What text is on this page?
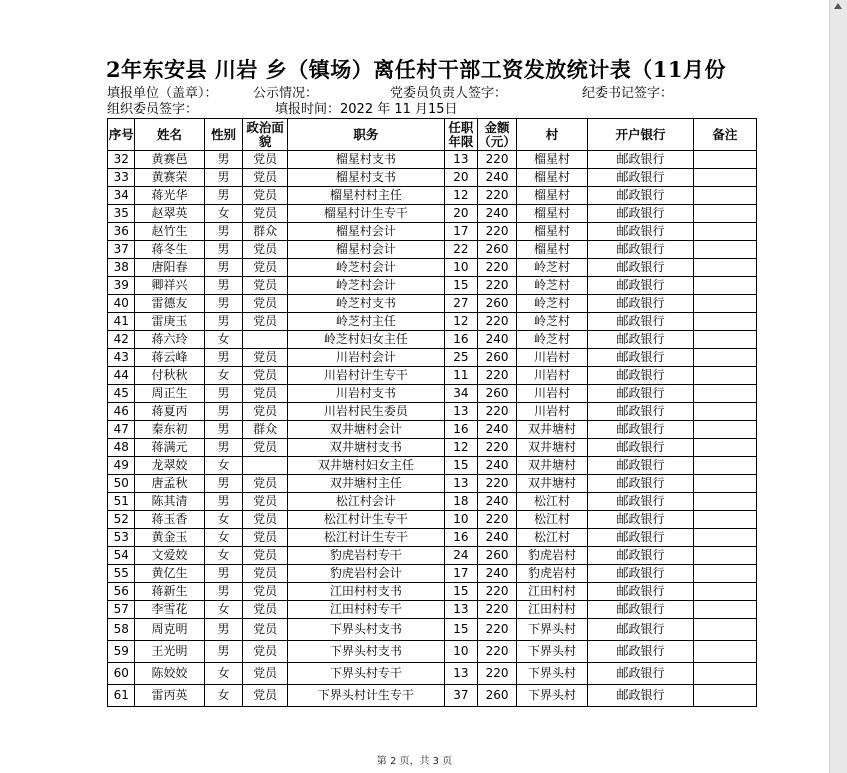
2年东安县 川岩 乡（镇场）离任村干部工资发放统计表（11月份
填报单位（盖章）：	公示情况：	党委员负责人签字：	纪委书记签字：
组织委员签字：	填报时间：2022 年 11 月15日
序号	姓名	性别	政治面貌	职务	任职年限	金额（元）	村	开户银行	备注
32	黄赛邑	男	党员	榴星村支书	13	220	榴星村	邮政银行	
33	黄赛荣	男	党员	榴星村支书	20	240	榴星村	邮政银行	
34	蒋光华	男	党员	榴星村村主任	12	220	榴星村	邮政银行	
35	赵翠英	女	党员	榴星村计生专干	20	240	榴星村	邮政银行	
36	赵竹生	男	群众	榴星村会计	17	220	榴星村	邮政银行	
37	蒋冬生	男	党员	榴星村会计	22	260	榴星村	邮政银行	
38	唐阳春	男	党员	岭芝村会计	10	220	岭芝村	邮政银行	
39	卿祥兴	男	党员	岭芝村会计	15	220	岭芝村	邮政银行	
40	雷德友	男	党员	岭芝村支书	27	260	岭芝村	邮政银行	
41	雷庚玉	男	党员	岭芝村主任	12	220	岭芝村	邮政银行	
42	蒋六玲	女		岭芝村妇女主任	16	240	岭芝村	邮政银行	
43	蒋云峰	男	党员	川岩村会计	25	260	川岩村	邮政银行	
44	付秋秋	女	党员	川岩村计生专干	11	220	川岩村	邮政银行	
45	周正生	男	党员	川岩村支书	34	260	川岩村	邮政银行	
46	蒋夏丙	男	党员	川岩村民生委员	13	220	川岩村	邮政银行	
47	秦东初	男	群众	双井塘村会计	16	240	双井塘村	邮政银行	
48	蒋满元	男	党员	双井塘村支书	12	220	双井塘村	邮政银行	
49	龙翠姣	女		双井塘村妇女主任	15	240	双井塘村	邮政银行	
50	唐孟秋	男	党员	双井塘村主任	13	220	双井塘村	邮政银行	
51	陈其清	男	党员	松江村会计	18	240	松江村	邮政银行	
52	蒋玉香	女	党员	松江村计生专干	10	220	松江村	邮政银行	
53	黄金玉	女	党员	松江村计生专干	16	240	松江村	邮政银行	
54	文爱姣	女	党员	豹虎岩村专干	24	260	豹虎岩村	邮政银行	
55	黄亿生	男	党员	豹虎岩村会计	17	240	豹虎岩村	邮政银行	
56	蒋新生	男	党员	江田村村支书	15	220	江田村村	邮政银行	
57	李雪花	女	党员	江田村村专干	13	220	江田村村	邮政银行	
58	周克明	男	党员	下界头村支书	15	220	下界头村	邮政银行	
59	王光明	男	党员	下界头村支书	10	220	下界头村	邮政银行	
60	陈姣姣	女	党员	下界头村专干	13	220	下界头村	邮政银行	
61	雷丙英	女	党员	下界头村计生专干	37	260	下界头村	邮政银行	
第 2 页，共 3 页
